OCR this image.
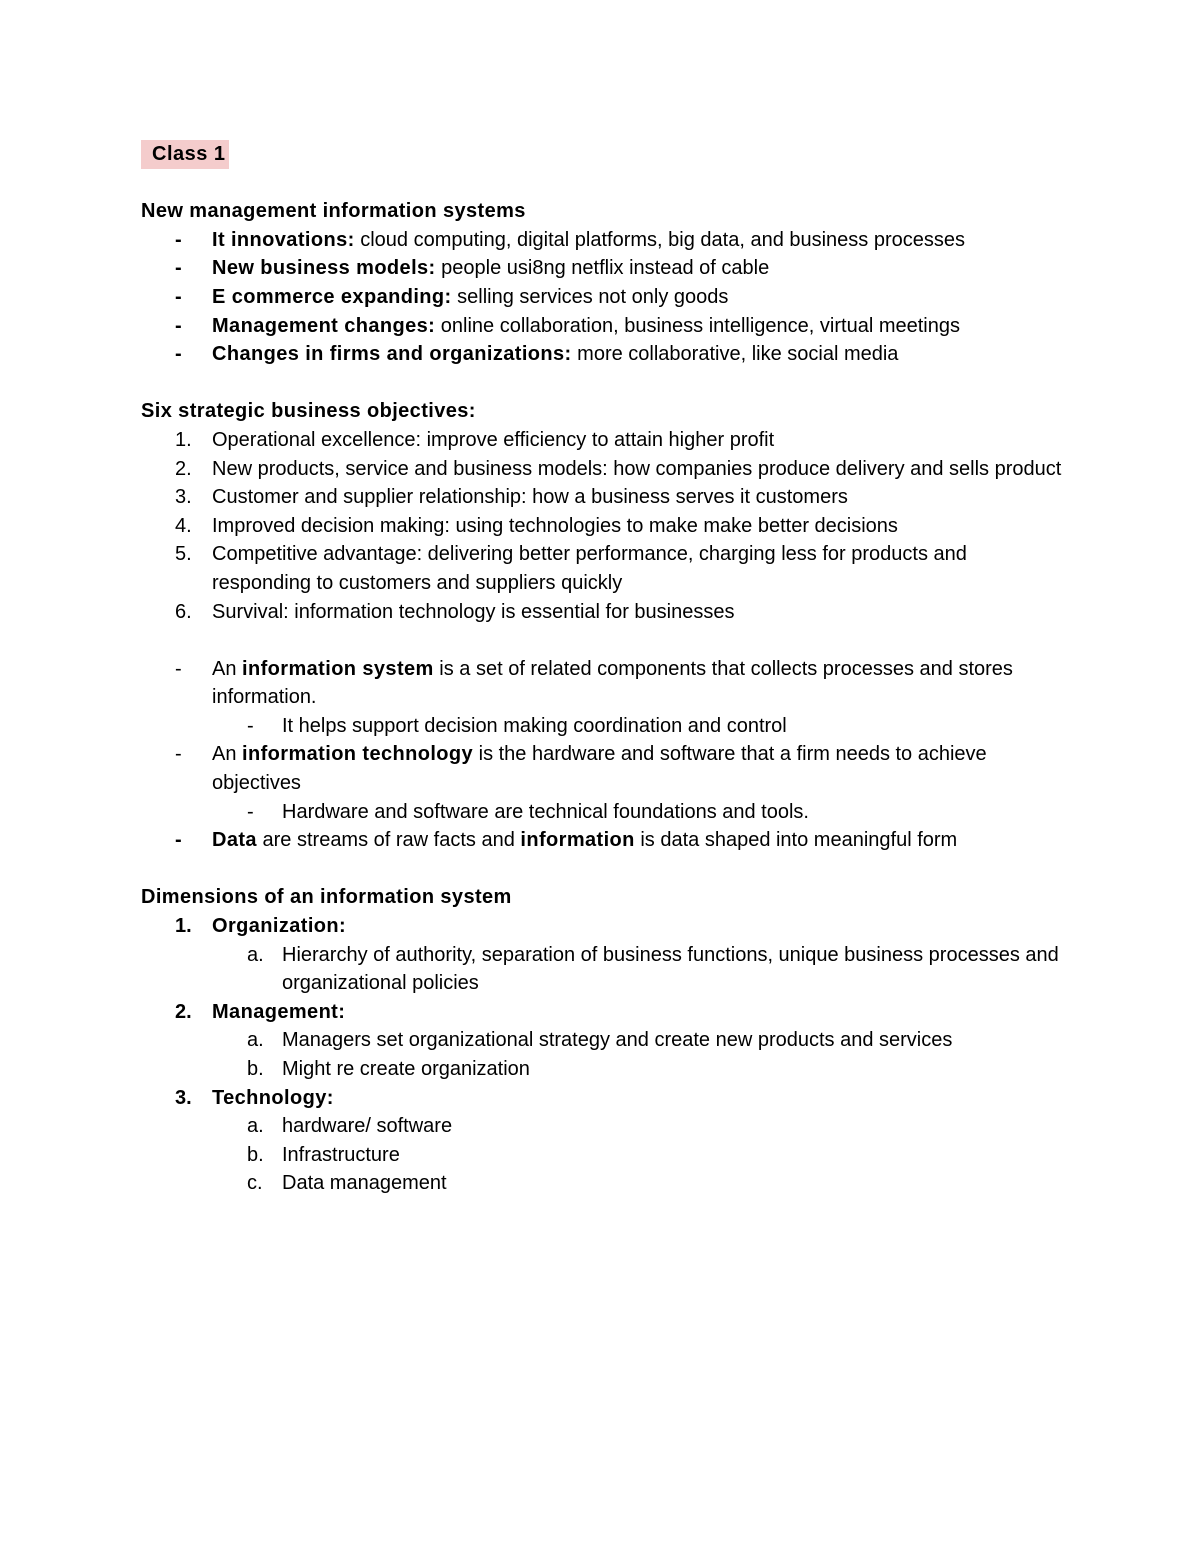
Class 1
New management information systems
-	It innovations: cloud computing, digital platforms, big data, and business processes
-	New business models: people usi8ng netflix instead of cable
-	E commerce expanding: selling services not only goods
-	Management changes: online collaboration, business intelligence, virtual meetings
-	Changes in firms and organizations: more collaborative, like social media
Six strategic business objectives:
1.	Operational excellence: improve efficiency to attain higher profit
2.	New products, service and business models: how companies produce delivery and sells product
3.	Customer and supplier relationship: how a business serves it customers
4.	Improved decision making: using technologies to make make better decisions
5.	Competitive advantage: delivering better performance, charging less for products and responding to customers and suppliers quickly
6.	Survival: information technology is essential for businesses
-	An information system is a set of related components that collects processes and stores information.
-	It helps support decision making coordination and control
-	An information technology is the hardware and software that a firm needs to achieve objectives
-	Hardware and software are technical foundations and tools.
-	Data are streams of raw facts and information is data shaped into meaningful form
Dimensions of an information system
1.	Organization:
a. Hierarchy of authority, separation of business functions, unique business processes and organizational policies
2.	Management:
a. Managers set organizational strategy and create new products and services
b. Might re create organization
3.	Technology:
a. hardware/ software
b. Infrastructure
c. Data management
